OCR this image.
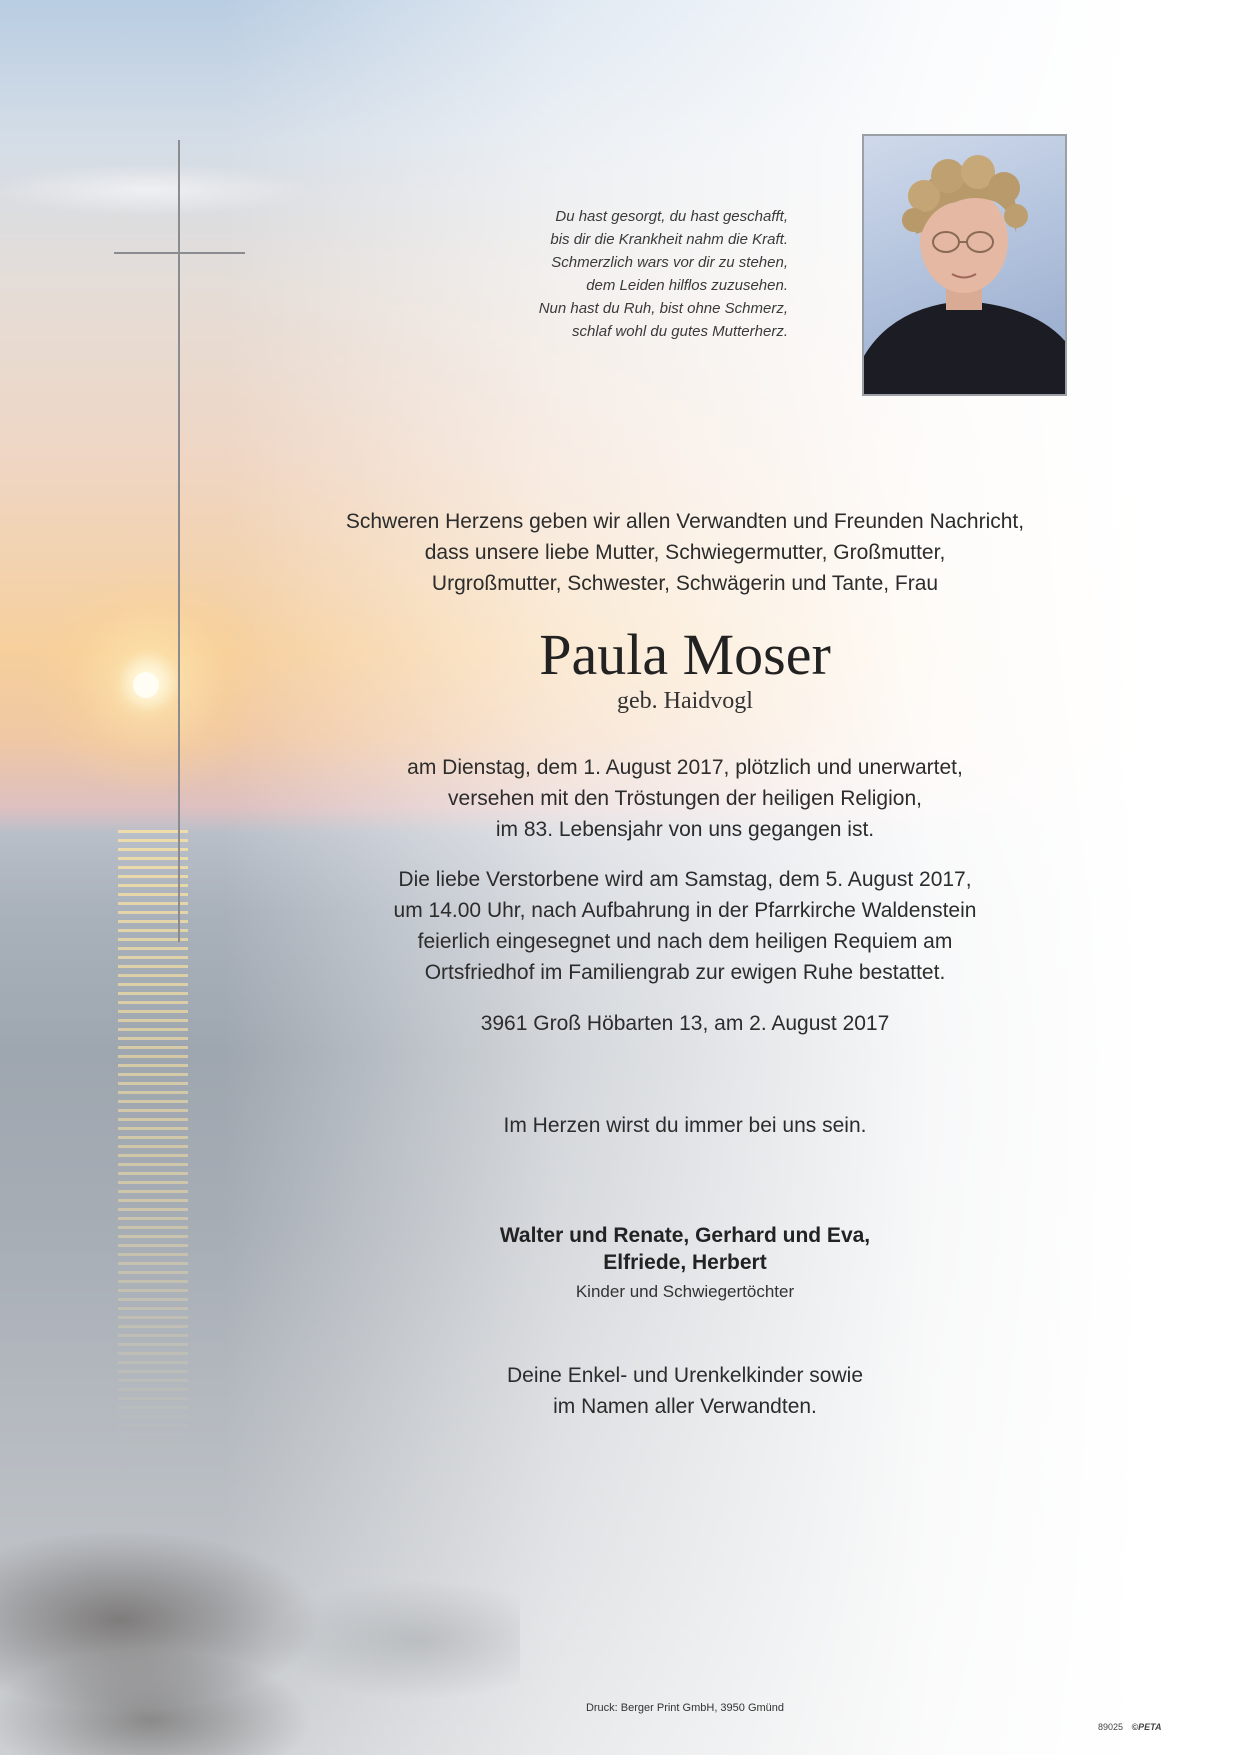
Du hast gesorgt, du hast geschafft,
bis dir die Krankheit nahm die Kraft.
Schmerzlich wars vor dir zu stehen,
dem Leiden hilflos zuzusehen.
Nun hast du Ruh, bist ohne Schmerz,
schlaf wohl du gutes Mutterherz.
Schweren Herzens geben wir allen Verwandten und Freunden Nachricht,
dass unsere liebe Mutter, Schwiegermutter, Großmutter,
Urgroßmutter, Schwester, Schwägerin und Tante, Frau
Paula Moser
geb. Haidvogl
am Dienstag, dem 1. August 2017, plötzlich und unerwartet,
versehen mit den Tröstungen der heiligen Religion,
im 83. Lebensjahr von uns gegangen ist.
Die liebe Verstorbene wird am Samstag, dem 5. August 2017,
um 14.00 Uhr, nach Aufbahrung in der Pfarrkirche Waldenstein
feierlich eingesegnet und nach dem heiligen Requiem am
Ortsfriedhof im Familiengrab zur ewigen Ruhe bestattet.
3961 Groß Höbarten 13, am 2. August 2017
Im Herzen wirst du immer bei uns sein.
Walter und Renate, Gerhard und Eva,
Elfriede, Herbert
Kinder und Schwiegertöchter
Deine Enkel- und Urenkelkinder sowie
im Namen aller Verwandten.
Druck: Berger Print GmbH, 3950 Gmünd
89025 ©PETA
